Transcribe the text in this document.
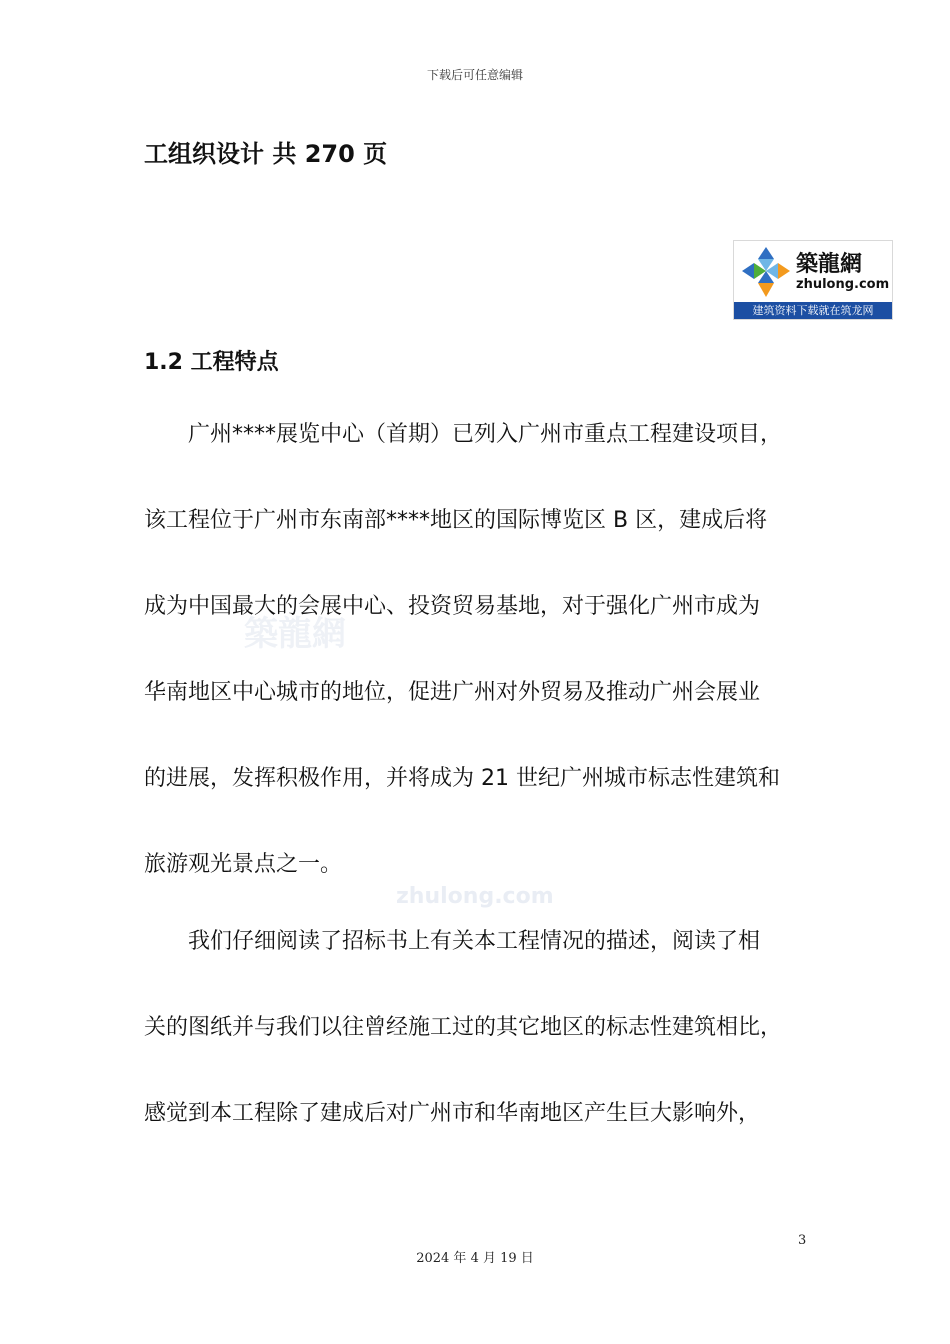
下载后可任意编辑
工组织设计 共 270 页
築龍網
zhulong.com
建筑资料下载就在筑龙网
築龍網
zhulong.com
1.2 工程特点
广州****展览中心（首期）已列入广州市重点工程建设项目，
该工程位于广州市东南部****地区的国际博览区 B 区，建成后将
成为中国最大的会展中心、投资贸易基地，对于强化广州市成为
华南地区中心城市的地位，促进广州对外贸易及推动广州会展业
的进展，发挥积极作用，并将成为 21 世纪广州城市标志性建筑和
旅游观光景点之一。
我们仔细阅读了招标书上有关本工程情况的描述，阅读了相
关的图纸并与我们以往曾经施工过的其它地区的标志性建筑相比，
感觉到本工程除了建成后对广州市和华南地区产生巨大影响外，
3
2024 年 4 月 19 日
